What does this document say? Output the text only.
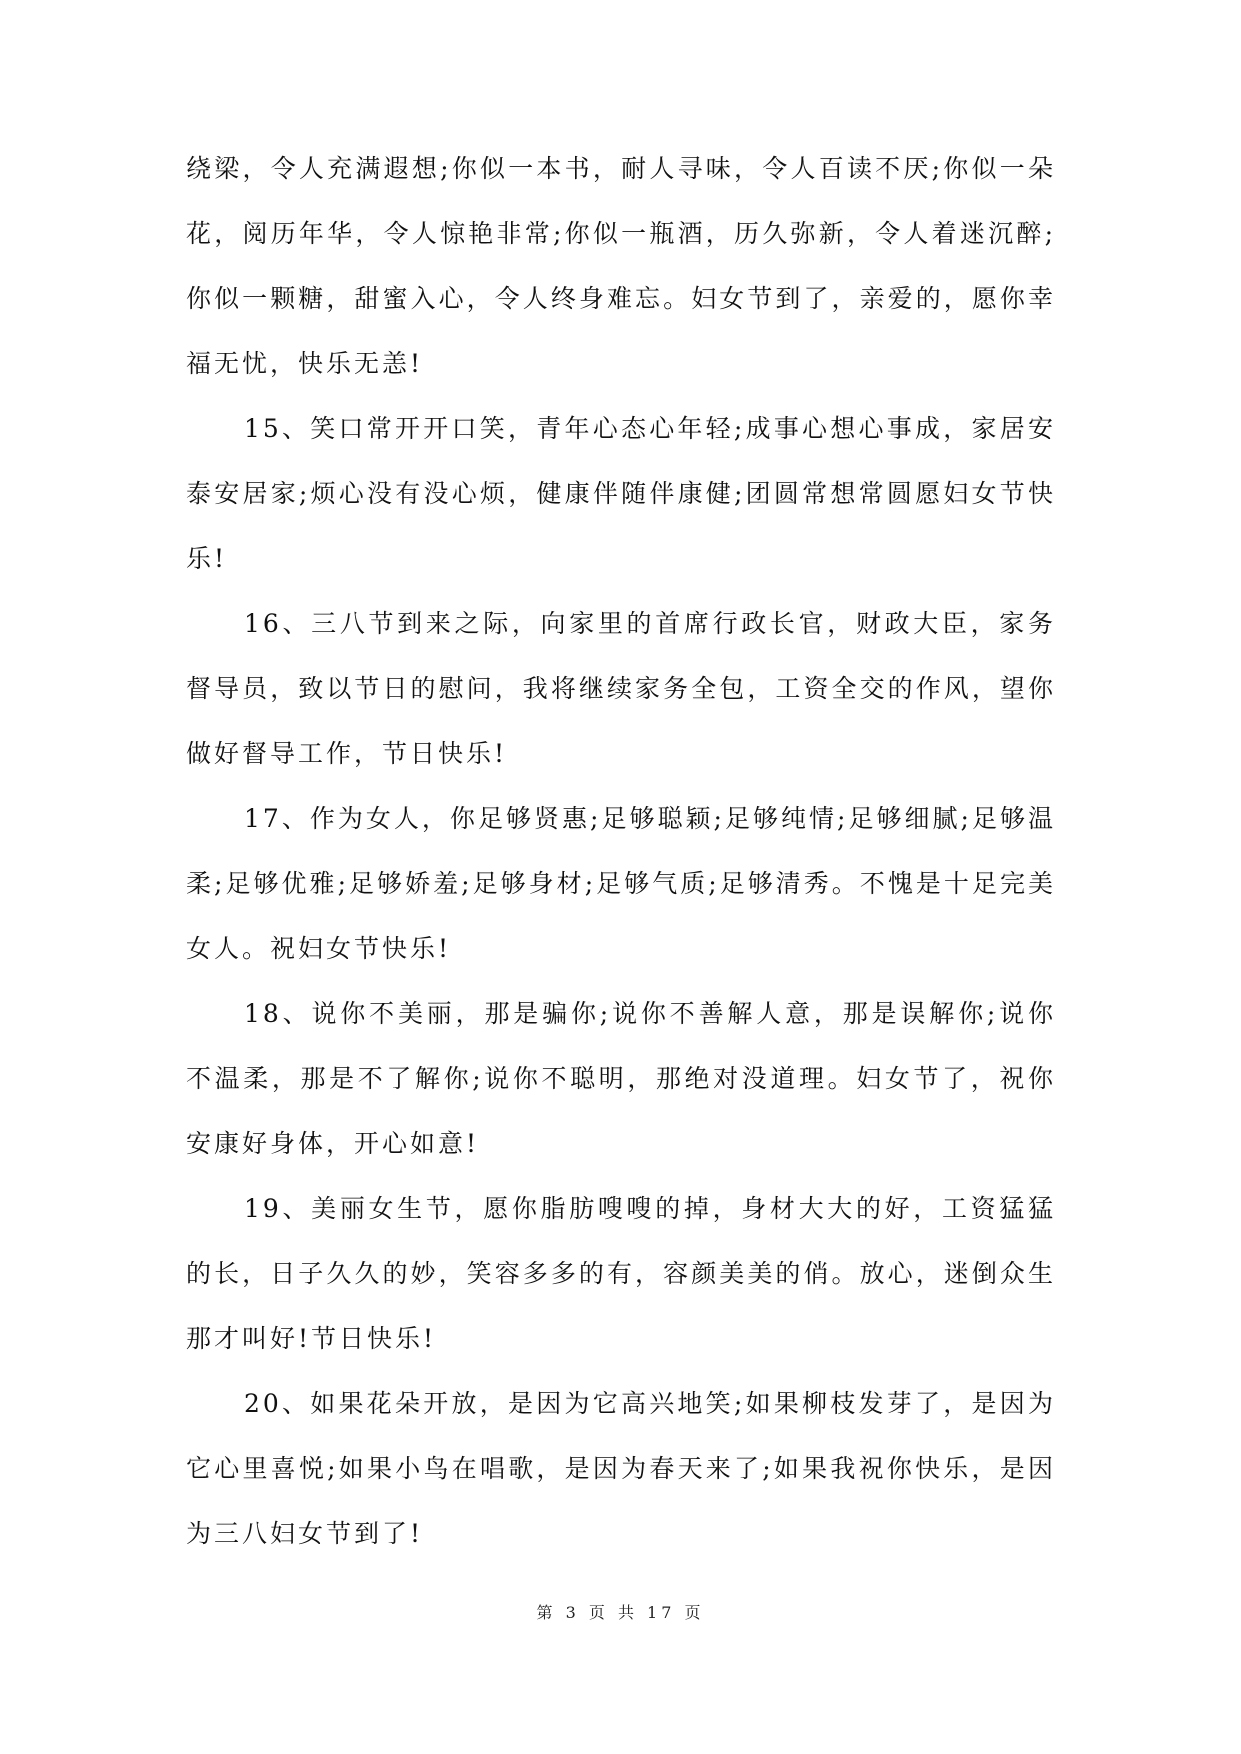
绕梁，令人充满遐想;你似一本书，耐人寻味，令人百读不厌;你似一朵花，阅历年华，令人惊艳非常;你似一瓶酒，历久弥新，令人着迷沉醉;你似一颗糖，甜蜜入心，令人终身难忘。妇女节到了，亲爱的，愿你幸福无忧，快乐无恙!

15、笑口常开开口笑，青年心态心年轻;成事心想心事成，家居安泰安居家;烦心没有没心烦，健康伴随伴康健;团圆常想常圆愿妇女节快乐!

16、三八节到来之际，向家里的首席行政长官，财政大臣，家务督导员，致以节日的慰问，我将继续家务全包，工资全交的作风，望你做好督导工作，节日快乐!

17、作为女人，你足够贤惠;足够聪颖;足够纯情;足够细腻;足够温柔;足够优雅;足够娇羞;足够身材;足够气质;足够清秀。不愧是十足完美女人。祝妇女节快乐!

18、说你不美丽，那是骗你;说你不善解人意，那是误解你;说你不温柔，那是不了解你;说你不聪明，那绝对没道理。妇女节了，祝你安康好身体，开心如意!

19、美丽女生节，愿你脂肪嗖嗖的掉，身材大大的好，工资猛猛的长，日子久久的妙，笑容多多的有，容颜美美的俏。放心，迷倒众生那才叫好!节日快乐!

20、如果花朵开放，是因为它高兴地笑;如果柳枝发芽了，是因为它心里喜悦;如果小鸟在唱歌，是因为春天来了;如果我祝你快乐，是因为三八妇女节到了!

第 3 页 共 17 页
